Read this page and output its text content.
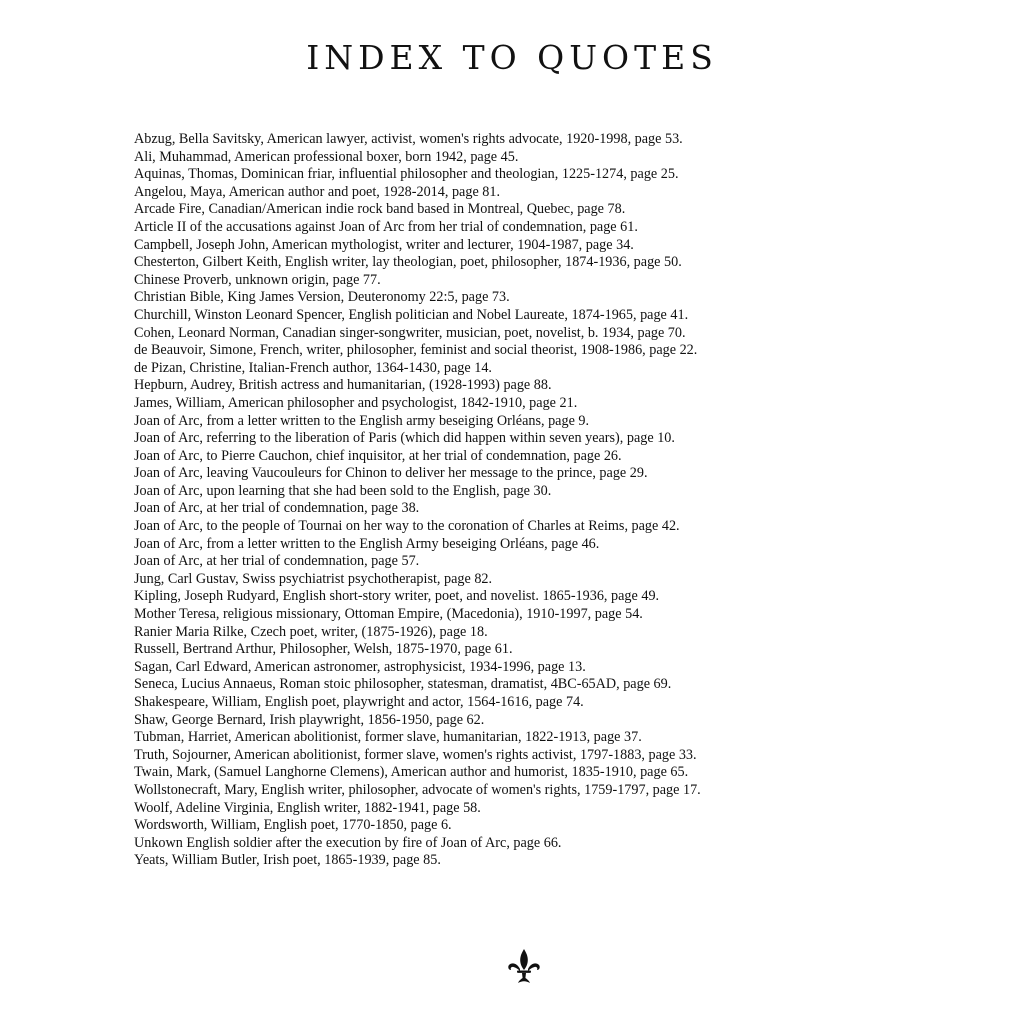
INDEX TO QUOTES
Abzug, Bella Savitsky, American lawyer, activist, women's rights advocate, 1920-1998, page 53.
Ali, Muhammad, American professional boxer, born 1942, page 45.
Aquinas, Thomas, Dominican friar, influential philosopher and theologian, 1225-1274, page 25.
Angelou, Maya, American author and poet, 1928-2014, page 81.
Arcade Fire, Canadian/American indie rock band based in Montreal, Quebec, page 78.
Article II of the accusations against Joan of Arc from her trial of condemnation, page 61.
Campbell, Joseph John, American mythologist, writer and lecturer, 1904-1987, page 34.
Chesterton, Gilbert Keith, English writer, lay theologian, poet, philosopher, 1874-1936, page 50.
Chinese Proverb, unknown origin, page 77.
Christian Bible, King James Version, Deuteronomy 22:5, page 73.
Churchill, Winston Leonard Spencer, English politician and Nobel Laureate, 1874-1965, page 41.
Cohen, Leonard Norman, Canadian singer-songwriter, musician, poet, novelist, b. 1934, page 70.
de Beauvoir, Simone, French, writer, philosopher, feminist and social theorist, 1908-1986, page 22.
de Pizan, Christine, Italian-French author, 1364-1430, page 14.
Hepburn, Audrey, British actress and humanitarian, (1928-1993) page 88.
James, William, American philosopher and psychologist, 1842-1910, page 21.
Joan of Arc, from a letter written to the English army beseiging Orléans, page 9.
Joan of Arc, referring to the liberation of Paris (which did happen within seven years), page 10.
Joan of Arc, to Pierre Cauchon, chief inquisitor, at her trial of condemnation, page 26.
Joan of Arc, leaving Vaucouleurs for Chinon to deliver her message to the prince, page 29.
Joan of Arc, upon learning that she had been sold to the English, page 30.
Joan of Arc, at her trial of condemnation, page 38.
Joan of Arc, to the people of Tournai on her way to the coronation of Charles at Reims, page 42.
Joan of Arc, from a letter written to the English Army beseiging Orléans, page 46.
Joan of Arc, at her trial of condemnation, page 57.
Jung, Carl Gustav, Swiss psychiatrist psychotherapist, page 82.
Kipling, Joseph Rudyard, English short-story writer, poet, and novelist. 1865-1936, page 49.
Mother Teresa, religious missionary, Ottoman Empire, (Macedonia), 1910-1997, page 54.
Ranier Maria Rilke, Czech poet, writer, (1875-1926), page 18.
Russell, Bertrand Arthur, Philosopher, Welsh, 1875-1970, page 61.
Sagan, Carl Edward, American astronomer, astrophysicist, 1934-1996, page 13.
Seneca, Lucius Annaeus, Roman stoic philosopher, statesman, dramatist, 4BC-65AD, page 69.
Shakespeare, William, English poet, playwright and actor, 1564-1616, page 74.
Shaw, George Bernard, Irish playwright, 1856-1950, page 62.
Tubman, Harriet, American abolitionist, former slave, humanitarian, 1822-1913, page 37.
Truth, Sojourner, American abolitionist, former slave, women's rights activist, 1797-1883, page 33.
Twain, Mark, (Samuel Langhorne Clemens), American author and humorist, 1835-1910, page 65.
Wollstonecraft, Mary, English writer, philosopher, advocate of women's rights, 1759-1797, page 17.
Woolf, Adeline Virginia, English writer, 1882-1941, page 58.
Wordsworth, William, English poet, 1770-1850, page 6.
Unkown English soldier after the execution by fire of Joan of Arc, page 66.
Yeats, William Butler, Irish poet, 1865-1939, page 85.
